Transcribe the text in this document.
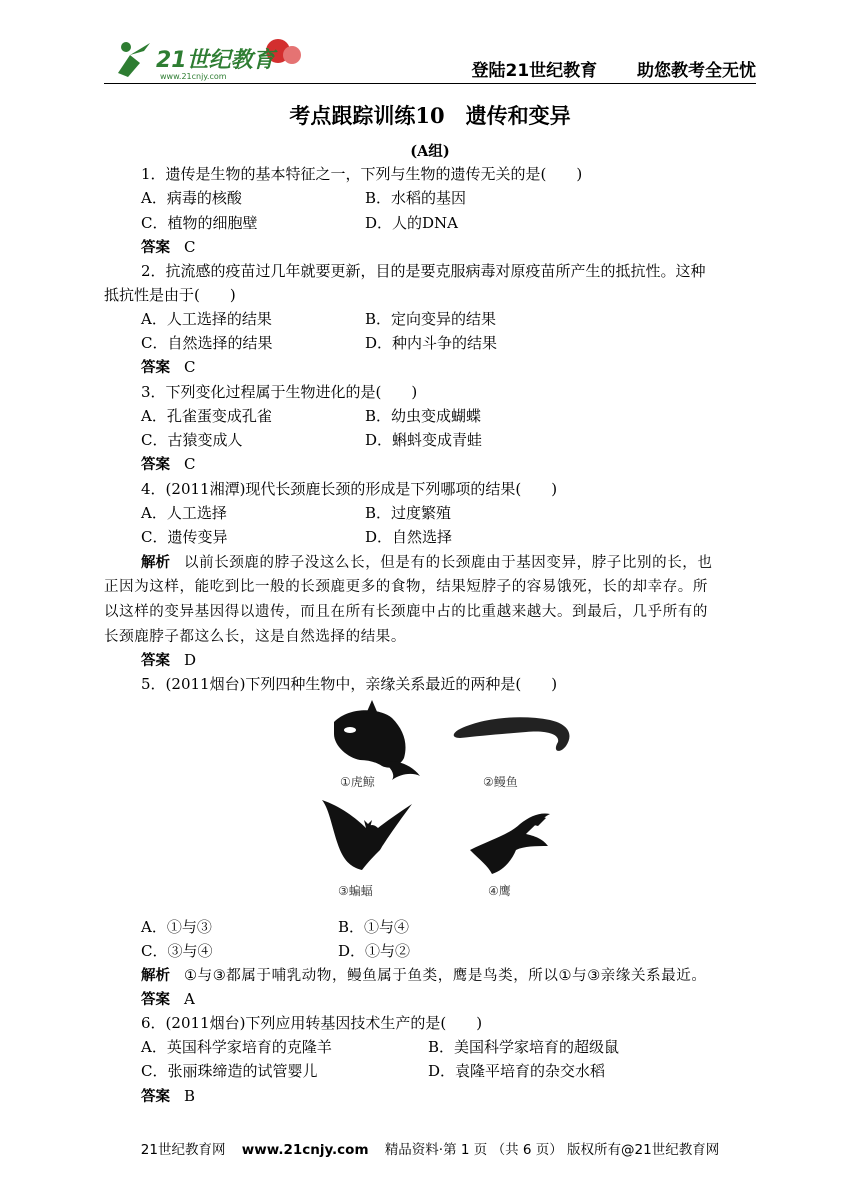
21世纪教育
www.21cnjy.com	登陆21世纪教育 助您教考全无忧
考点跟踪训练10　遗传和变异
(A组)
1．遗传是生物的基本特征之一，下列与生物的遗传无关的是(　　)
A．病毒的核酸	B．水稻的基因
C．植物的细胞壁	D．人的DNA
答案 C
2．抗流感的疫苗过几年就要更新，目的是要克服病毒对原疫苗所产生的抵抗性。这种
抵抗性是由于(　　)
A．人工选择的结果	B．定向变异的结果
C．自然选择的结果	D．种内斗争的结果
答案 C
3．下列变化过程属于生物进化的是(　　)
A．孔雀蛋变成孔雀	B．幼虫变成蝴蝶
C．古猿变成人	D．蝌蚪变成青蛙
答案 C
4．(2011湘潭)现代长颈鹿长颈的形成是下列哪项的结果(　　)
A．人工选择	B．过度繁殖
C．遗传变异	D．自然选择
解析 以前长颈鹿的脖子没这么长，但是有的长颈鹿由于基因变异，脖子比别的长，也
正因为这样，能吃到比一般的长颈鹿更多的食物，结果短脖子的容易饿死，长的却幸存。所
以这样的变异基因得以遗传，而且在所有长颈鹿中占的比重越来越大。到最后，几乎所有的
长颈鹿脖子都这么长，这是自然选择的结果。
答案 D
5．(2011烟台)下列四种生物中，亲缘关系最近的两种是(　　)
①虎鲸	②鳗鱼
③蝙蝠	④鹰
A．①与③	B．①与④
C．③与④	D．①与②
解析 ①与③都属于哺乳动物，鳗鱼属于鱼类，鹰是鸟类，所以①与③亲缘关系最近。
答案 A
6．(2011烟台)下列应用转基因技术生产的是(　　)
A．英国科学家培育的克隆羊	B．美国科学家培育的超级鼠
C．张丽珠缔造的试管婴儿	D．袁隆平培育的杂交水稻
答案 B
21世纪教育网 www.21cnjy.com 精品资料·第 1 页 （共 6 页） 版权所有@21世纪教育网
